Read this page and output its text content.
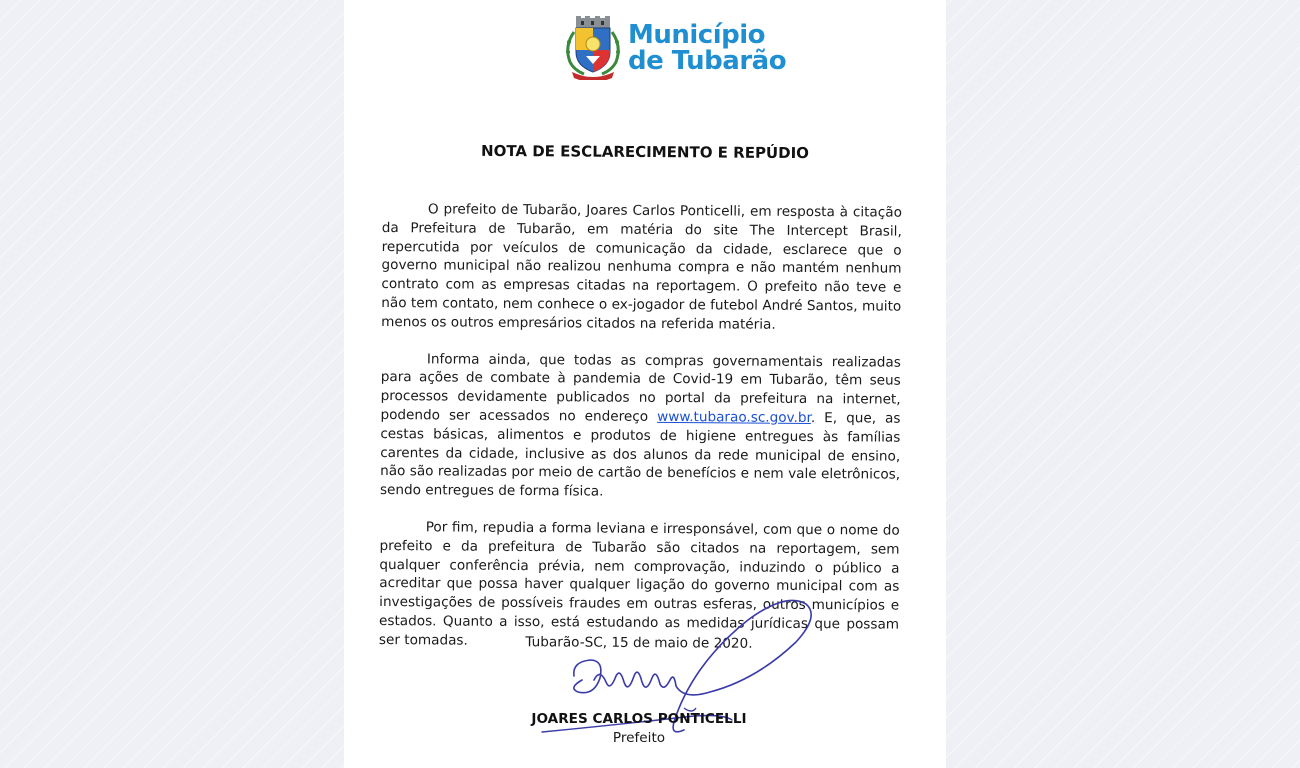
Município
de Tubarão
NOTA DE ESCLARECIMENTO E REPÚDIO

O prefeito de Tubarão, Joares Carlos Ponticelli, em resposta à citação da Prefeitura de Tubarão, em matéria do site The Intercept Brasil, repercutida por veículos de comunicação da cidade, esclarece que o governo municipal não realizou nenhuma compra e não mantém nenhum contrato com as empresas citadas na reportagem. O prefeito não teve e não tem contato, nem conhece o ex-jogador de futebol André Santos, muito menos os outros empresários citados na referida matéria.

Informa ainda, que todas as compras governamentais realizadas para ações de combate à pandemia de Covid-19 em Tubarão, têm seus processos devidamente publicados no portal da prefeitura na internet, podendo ser acessados no endereço www.tubarao.sc.gov.br. E, que, as cestas básicas, alimentos e produtos de higiene entregues às famílias carentes da cidade, inclusive as dos alunos da rede municipal de ensino, não são realizadas por meio de cartão de benefícios e nem vale eletrônicos, sendo entregues de forma física.

Por fim, repudia a forma leviana e irresponsável, com que o nome do prefeito e da prefeitura de Tubarão são citados na reportagem, sem qualquer conferência prévia, nem comprovação, induzindo o público a acreditar que possa haver qualquer ligação do governo municipal com as investigações de possíveis fraudes em outras esferas, outros municípios e estados. Quanto a isso, está estudando as medidas jurídicas que possam ser tomadas.	Tubarão-SC, 15 de maio de 2020.
JOARES CARLOS PONTICELLI
Prefeito
